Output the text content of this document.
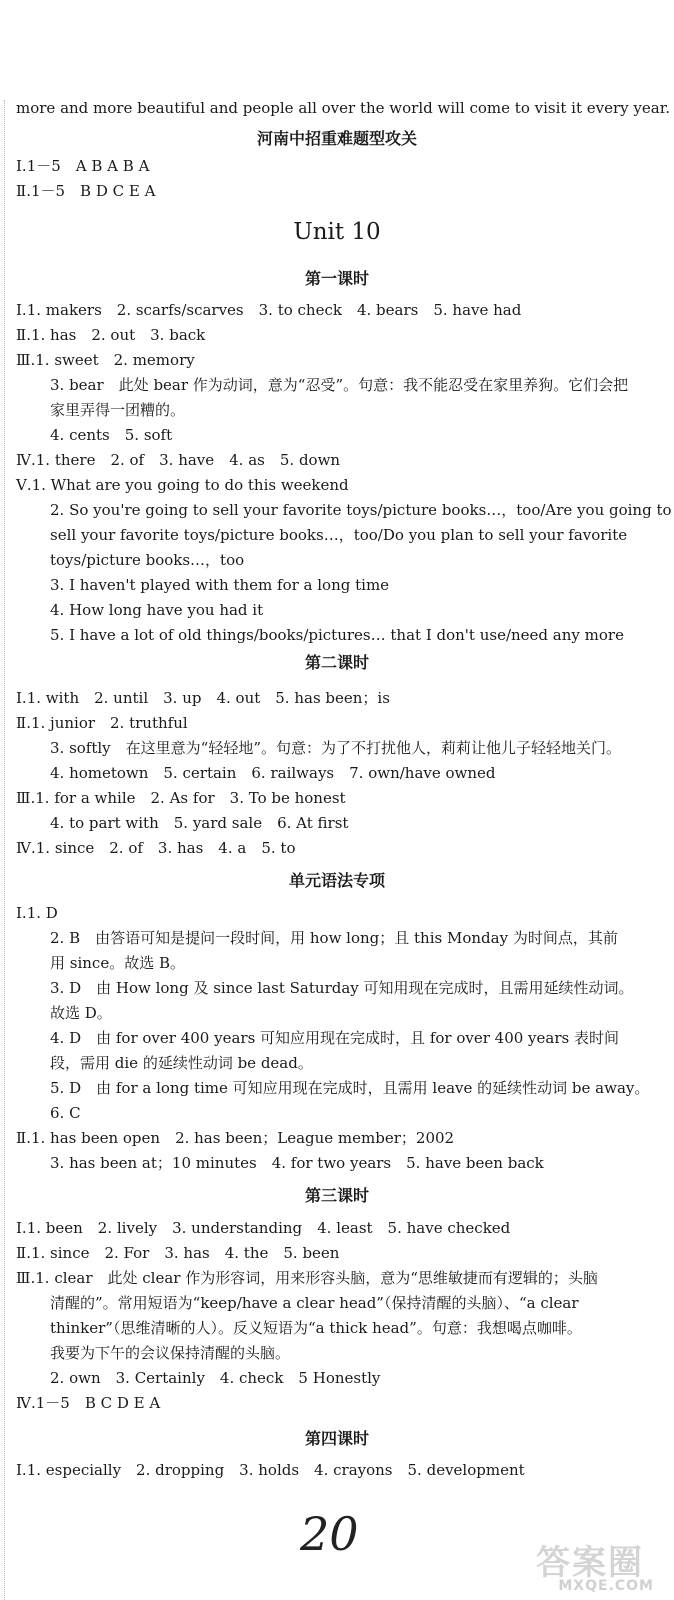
more and more beautiful and people all over the world will come to visit it every year.
河南中招重难题型攻关
Ⅰ.1－5　A B A B A
Ⅱ.1－5　B D C E A
Unit 10
第一课时
Ⅰ.1. makers　2. scarfs/scarves　3. to check　4. bears　5. have had
Ⅱ.1. has　2. out　3. back
Ⅲ.1. sweet　2. memory
3. bear　此处 bear 作为动词，意为“忍受”。句意：我不能忍受在家里养狗。它们会把
家里弄得一团糟的。
4. cents　5. soft
Ⅳ.1. there　2. of　3. have　4. as　5. down
Ⅴ.1. What are you going to do this weekend
2. So you're going to sell your favorite toys/picture books…，too/Are you going to
sell your favorite toys/picture books…，too/Do you plan to sell your favorite
toys/picture books…，too
3. I haven't played with them for a long time
4. How long have you had it
5. I have a lot of old things/books/pictures… that I don't use/need any more
第二课时
Ⅰ.1. with　2. until　3. up　4. out　5. has been；is
Ⅱ.1. junior　2. truthful
3. softly　在这里意为“轻轻地”。句意：为了不打扰他人，莉莉让他儿子轻轻地关门。
4. hometown　5. certain　6. railways　7. own/have owned
Ⅲ.1. for a while　2. As for　3. To be honest
4. to part with　5. yard sale　6. At first
Ⅳ.1. since　2. of　3. has　4. a　5. to
单元语法专项
Ⅰ.1. D
2. B　由答语可知是提问一段时间，用 how long；且 this Monday 为时间点，其前
用 since。故选 B。
3. D　由 How long 及 since last Saturday 可知用现在完成时，且需用延续性动词。
故选 D。
4. D　由 for over 400 years 可知应用现在完成时，且 for over 400 years 表时间
段，需用 die 的延续性动词 be dead。
5. D　由 for a long time 可知应用现在完成时，且需用 leave 的延续性动词 be away。
6. C
Ⅱ.1. has been open　2. has been；League member；2002
3. has been at；10 minutes　4. for two years　5. have been back
第三课时
Ⅰ.1. been　2. lively　3. understanding　4. least　5. have checked
Ⅱ.1. since　2. For　3. has　4. the　5. been
Ⅲ.1. clear　此处 clear 作为形容词，用来形容头脑，意为“思维敏捷而有逻辑的；头脑
清醒的”。常用短语为“keep/have a clear head”（保持清醒的头脑）、“a clear
thinker”（思维清晰的人）。反义短语为“a thick head”。句意：我想喝点咖啡。
我要为下午的会议保持清醒的头脑。
2. own　3. Certainly　4. check　5 Honestly
Ⅳ.1－5　B C D E A
第四课时
Ⅰ.1. especially　2. dropping　3. holds　4. crayons　5. development
20
答案圈
MXQE.COM
